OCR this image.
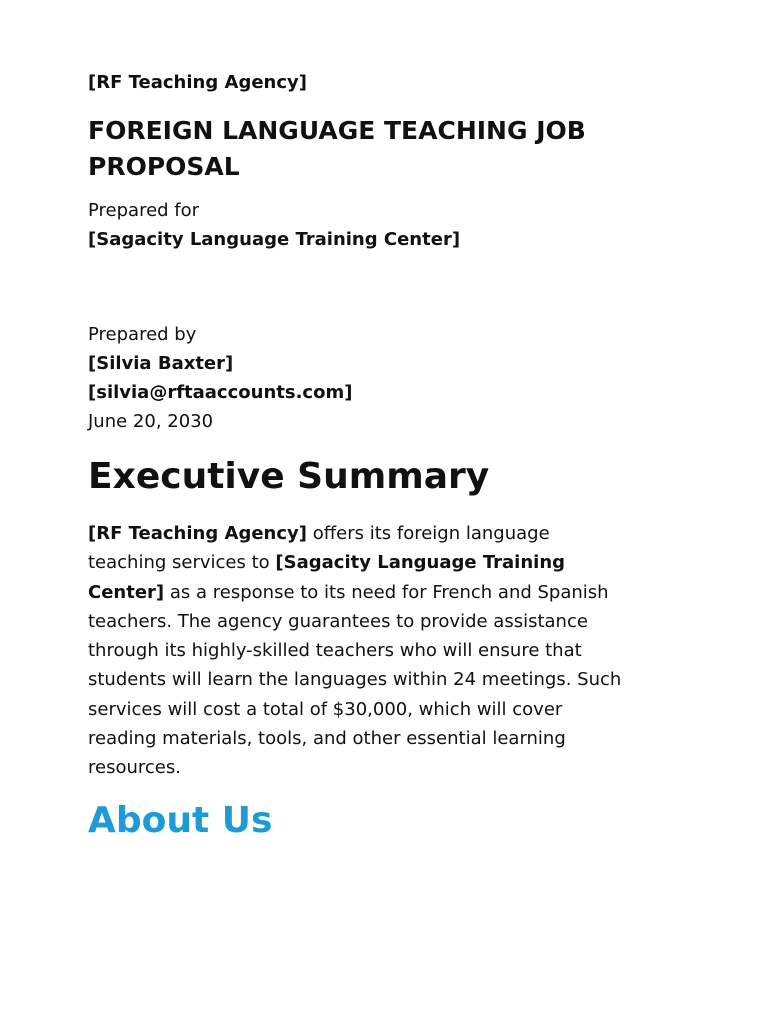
[RF Teaching Agency]
FOREIGN LANGUAGE TEACHING JOB
PROPOSAL
Prepared for
[Sagacity Language Training Center]
Prepared by
[Silvia Baxter]
[silvia@rftaaccounts.com]
June 20, 2030
Executive Summary
[RF Teaching Agency] offers its foreign language
teaching services to [Sagacity Language Training
Center] as a response to its need for French and Spanish
teachers. The agency guarantees to provide assistance
through its highly-skilled teachers who will ensure that
students will learn the languages within 24 meetings. Such
services will cost a total of $30,000, which will cover
reading materials, tools, and other essential learning
resources.
About Us
